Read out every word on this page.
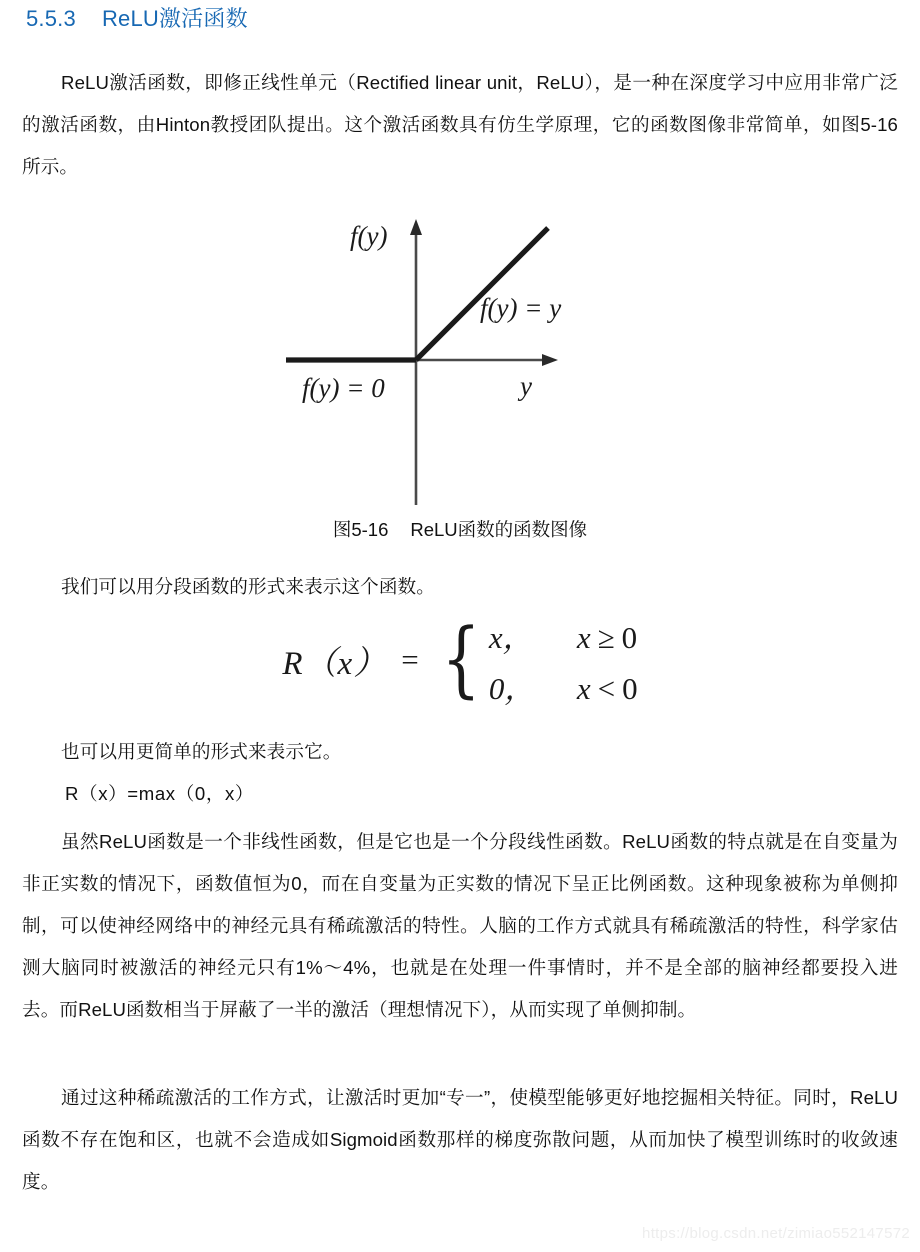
5.5.3 ReLU激活函数
ReLU激活函数，即修正线性单元（Rectified linear unit，ReLU），是一种在深度学习中应用非常广泛的激活函数，由Hinton教授团队提出。这个激活函数具有仿生学原理，它的函数图像非常简单，如图5-16所示。
f(y)
y
f(y) = 0
f(y) = y
图5-16 ReLU函数的函数图像
我们可以用分段函数的形式来表示这个函数。
R（x） = { x，	x ≥ 0
0，	x < 0
也可以用更简单的形式来表示它。
R（x）=max（0，x）
虽然ReLU函数是一个非线性函数，但是它也是一个分段线性函数。ReLU函数的特点就是在自变量为非正实数的情况下，函数值恒为0，而在自变量为正实数的情况下呈正比例函数。这种现象被称为单侧抑制，可以使神经网络中的神经元具有稀疏激活的特性。人脑的工作方式就具有稀疏激活的特性，科学家估测大脑同时被激活的神经元只有1%～4%，也就是在处理一件事情时，并不是全部的脑神经都要投入进去。而ReLU函数相当于屏蔽了一半的激活（理想情况下），从而实现了单侧抑制。
通过这种稀疏激活的工作方式，让激活时更加“专一”，使模型能够更好地挖掘相关特征。同时，ReLU函数不存在饱和区，也就不会造成如Sigmoid函数那样的梯度弥散问题，从而加快了模型训练时的收敛速度。
https://blog.csdn.net/zimiao552147572
